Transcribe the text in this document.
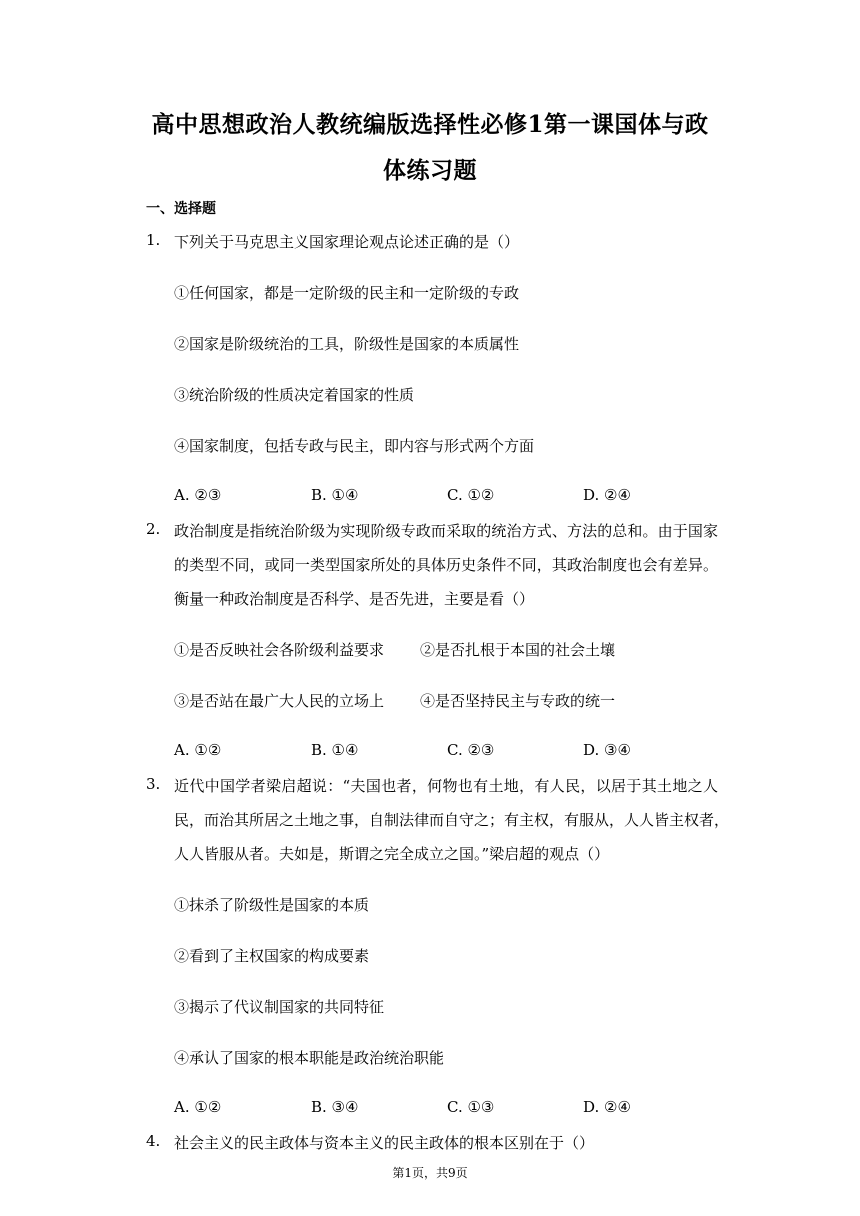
高中思想政治人教统编版选择性必修1第一课国体与政
体练习题
一、选择题
1. 下列关于马克思主义国家理论观点论述正确的是（）
①任何国家，都是一定阶级的民主和一定阶级的专政
②国家是阶级统治的工具，阶级性是国家的本质属性
③统治阶级的性质决定着国家的性质
④国家制度，包括专政与民主，即内容与形式两个方面
A. ②③	B. ①④	C. ①②	D. ②④
2. 政治制度是指统治阶级为实现阶级专政而采取的统治方式、方法的总和。由于国家
的类型不同，或同一类型国家所处的具体历史条件不同，其政治制度也会有差异。
衡量一种政治制度是否科学、是否先进，主要是看（）
①是否反映社会各阶级利益要求 ②是否扎根于本国的社会土壤
③是否站在最广大人民的立场上 ④是否坚持民主与专政的统一
A. ①②	B. ①④	C. ②③	D. ③④
3. 近代中国学者梁启超说：“夫国也者，何物也有土地，有人民，以居于其土地之人
民，而治其所居之土地之事，自制法律而自守之；有主权，有服从，人人皆主权者，
人人皆服从者。夫如是，斯谓之完全成立之国。”梁启超的观点（）
①抹杀了阶级性是国家的本质
②看到了主权国家的构成要素
③揭示了代议制国家的共同特征
④承认了国家的根本职能是政治统治职能
A. ①②	B. ③④	C. ①③	D. ②④
4. 社会主义的民主政体与资本主义的民主政体的根本区别在于（）
第1页，共9页
